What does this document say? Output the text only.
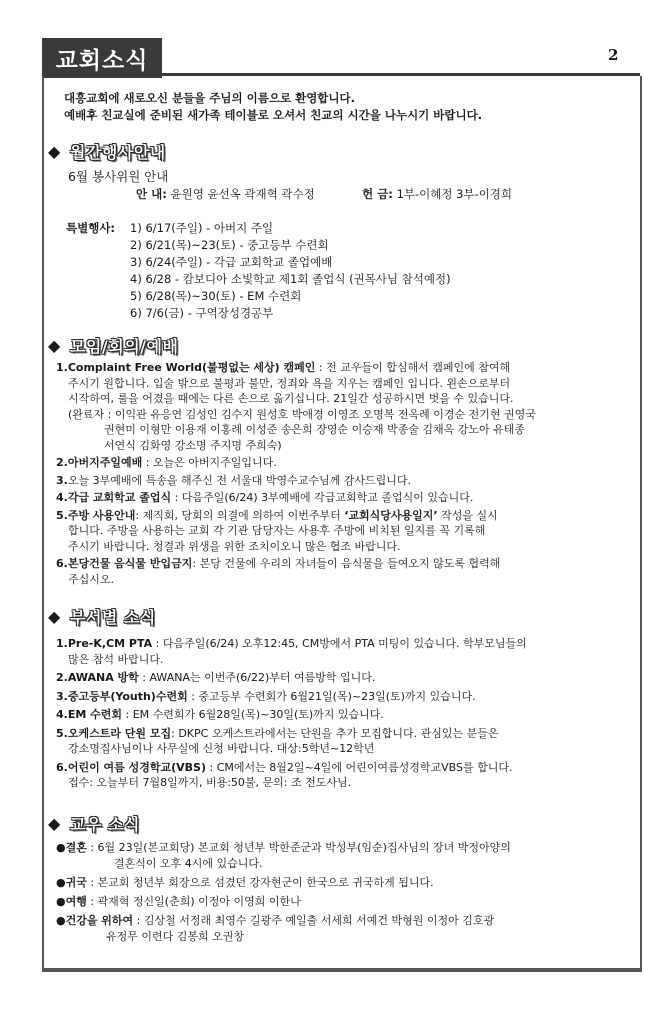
교회소식	2
대흥교회에 새로오신 분들을 주님의 이름으로 환영합니다.
예배후 친교실에 준비된 새가족 테이블로 오셔서 친교의 시간을 나누시기 바랍니다.
◆ 월간행사안내
6월 봉사위원 안내
안 내: 윤원영 윤선옥 곽재혁 곽수정	헌 금: 1부-이혜정 3부-이경희
특별행사: 1) 6/17(주일) - 아버지 주일
2) 6/21(목)~23(토) - 중고등부 수련회
3) 6/24(주일) - 각급 교회학교 졸업예배
4) 6/28 - 캄보디아 소빛학교 제1회 졸업식 (권목사님 참석예정)
5) 6/28(목)~30(토) - EM 수련회
6) 7/6(금) - 구역장성경공부
◆ 모임/회의/예배
1.Complaint Free World(불평없는 세상) 캠페인 : 전 교우들이 합심해서 캠페인에 참여해
주시기 원합니다. 입술 밖으로 불평과 불만, 정죄와 욕을 지우는 캠페인 입니다. 왼손으로부터
시작하여, 룰을 어겼을 때에는 다른 손으로 옮기십니다. 21일간 성공하시면 벗을 수 있습니다.
(완료자 : 이익관 유응연 김성인 김수지 원성호 박애경 이영조 오명복 전옥례 이경순 전기현 권영국
권현미 이형만 이용재 이홍례 이성준 송은희 장영순 이승재 박종술 김채옥 강노아 유태종
서연식 김화영 강소명 주지명 주희숙)
2.아버지주일예배 : 오늘은 아버지주일입니다.
3.오늘 3부예배에 특송을 해주신 전 서울대 박영수교수님께 감사드립니다.
4.각급 교회학교 졸업식 : 다음주일(6/24) 3부예배에 각급교회학교 졸업식이 있습니다.
5.주방 사용안내: 제직회, 당회의 의결에 의하여 이번주부터 ‘교회식당사용일지’ 작성을 실시
합니다. 주방을 사용하는 교회 각 기관 담당자는 사용후 주방에 비치된 일지를 꼭 기록해
주시기 바랍니다. 청결과 위생을 위한 조치이오니 많은 협조 바랍니다.
6.본당건물 음식물 반입금지: 본당 건물에 우리의 자녀들이 음식물을 들여오지 않도록 협력해
주십시오.
◆ 부서별 소식
1.Pre-K,CM PTA : 다음주일(6/24) 오후12:45, CM방에서 PTA 미팅이 있습니다. 학부모님들의
많은 참석 바랍니다.
2.AWANA 방학 : AWANA는 이번주(6/22)부터 여름방학 입니다.
3.중고등부(Youth)수련회 : 중고등부 수련회가 6월21일(목)~23일(토)까지 있습니다.
4.EM 수련회 : EM 수련회가 6월28일(목)~30일(토)까지 있습니다.
5.오케스트라 단원 모집: DKPC 오케스트라에서는 단원을 추가 모집합니다. 관심있는 분들은
강소명집사님이나 사무실에 신청 바랍니다. 대상:5학년~12학년
6.어린이 여름 성경학교(VBS) : CM에서는 8월2일~4일에 어린이여름성경학교VBS를 합니다.
접수: 오늘부터 7월8일까지, 비용:50불, 문의: 조 전도사님.
◆ 교우 소식
●결혼 : 6월 23일(본교회당) 본교회 청년부 박한준군과 박성부(임순)집사님의 장녀 박정아양의
결혼식이 오후 4시에 있습니다.
●귀국 : 본교회 청년부 회장으로 섬겼던 강자현군이 한국으로 귀국하게 됩니다.
●여행 : 곽재혁 정신일(춘희) 이정아 이영희 이한나
●건강을 위하여 : 김상철 서정래 최영수 길광주 예일출 서세희 서예건 박형원 이정아 김호광
유정무 이련다 김봉희 오권창
